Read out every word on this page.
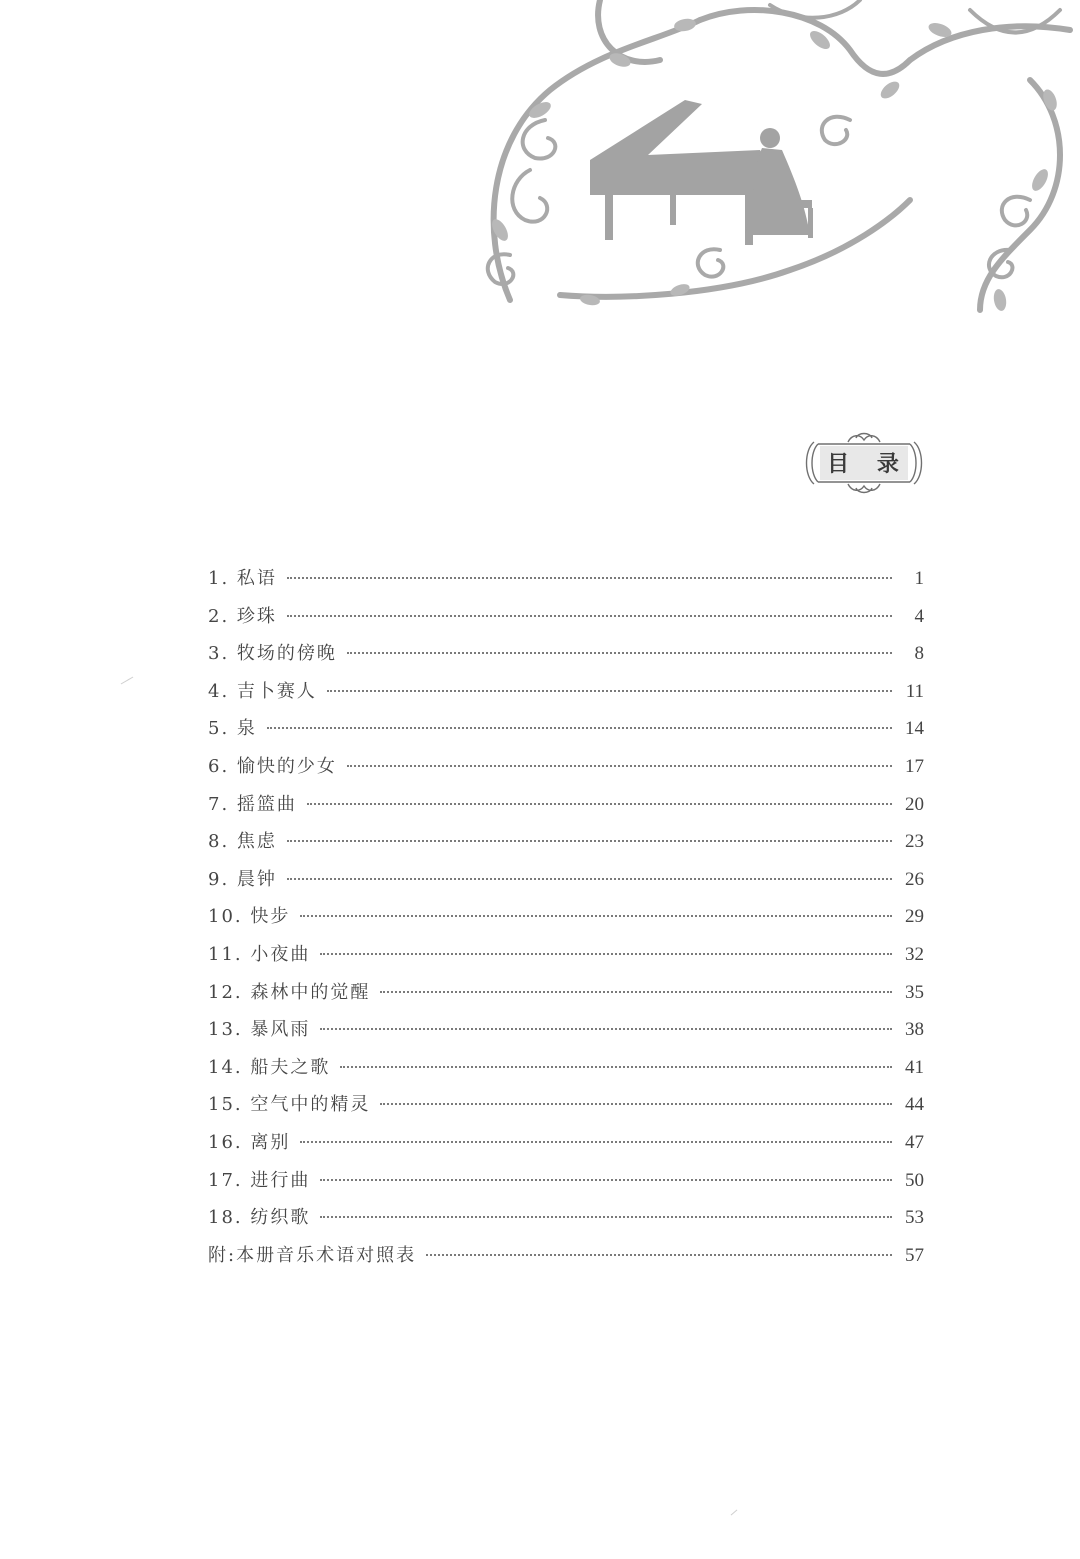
目 录
1. 私语	1
2. 珍珠	4
3. 牧场的傍晚	8
4. 吉卜赛人	11
5. 泉	14
6. 愉快的少女	17
7. 摇篮曲	20
8. 焦虑	23
9. 晨钟	26
10. 快步	29
11. 小夜曲	32
12. 森林中的觉醒	35
13. 暴风雨	38
14. 船夫之歌	41
15. 空气中的精灵	44
16. 离别	47
17. 进行曲	50
18. 纺织歌	53
附:本册音乐术语对照表	57
